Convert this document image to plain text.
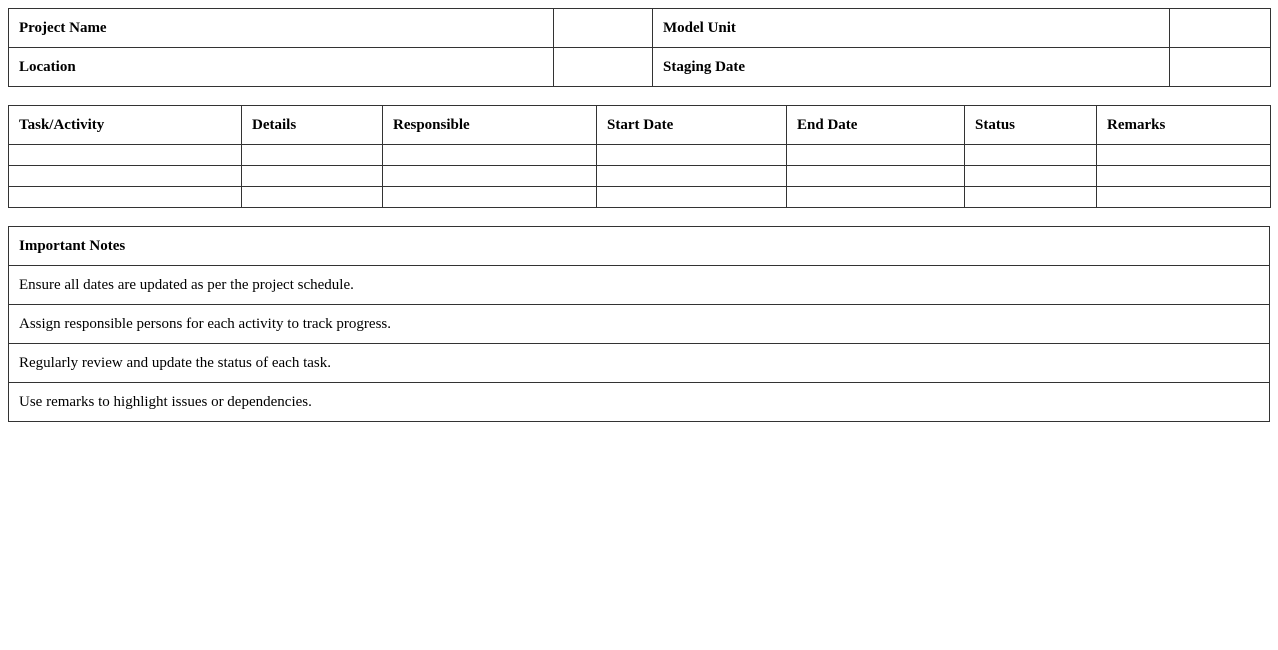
Project Name		Model Unit	
Location		Staging Date	
Task/Activity	Details	Responsible	Start Date	End Date	Status	Remarks

Important Notes
Ensure all dates are updated as per the project schedule.
Assign responsible persons for each activity to track progress.
Regularly review and update the status of each task.
Use remarks to highlight issues or dependencies.
